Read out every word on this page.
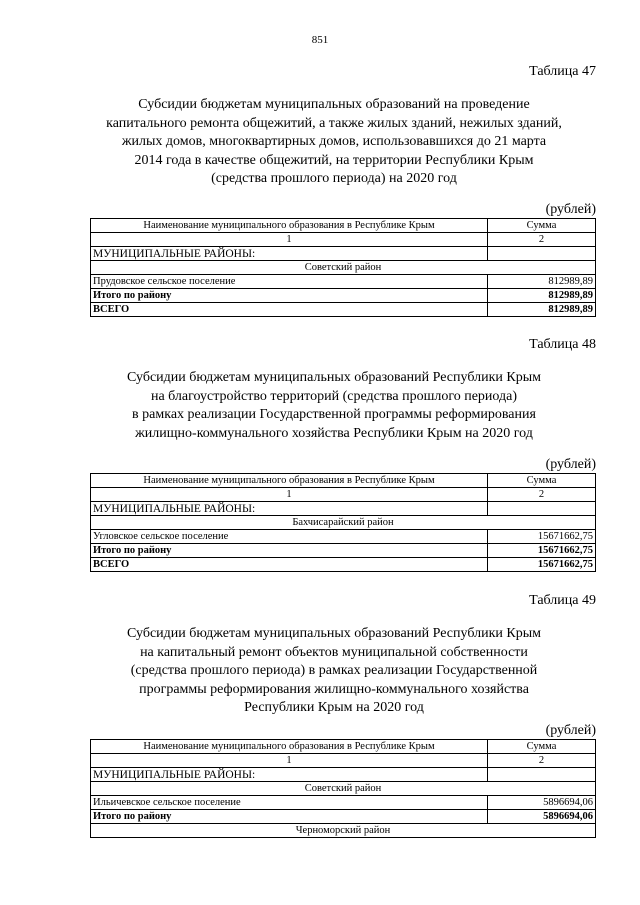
851
Таблица 47
Субсидии бюджетам муниципальных образований на проведение
капитального ремонта общежитий, а также жилых зданий, нежилых зданий,
жилых домов, многоквартирных домов, использовавшихся до 21 марта
2014 года в качестве общежитий, на территории Республики Крым
(средства прошлого периода) на 2020 год
(рублей)
Наименование муниципального образования в Республике Крым	Сумма
1	2
МУНИЦИПАЛЬНЫЕ РАЙОНЫ:	
Советский район	
Прудовское сельское поселение	812989,89
Итого по району	812989,89
ВСЕГО	812989,89
Таблица 48
Субсидии бюджетам муниципальных образований Республики Крым
на благоустройство территорий (средства прошлого периода)
в рамках реализации Государственной программы реформирования
жилищно-коммунального хозяйства Республики Крым на 2020 год
(рублей)
Наименование муниципального образования в Республике Крым	Сумма
1	2
МУНИЦИПАЛЬНЫЕ РАЙОНЫ:	
Бахчисарайский район	
Угловское сельское поселение	15671662,75
Итого по району	15671662,75
ВСЕГО	15671662,75
Таблица 49
Субсидии бюджетам муниципальных образований Республики Крым
на капитальный ремонт объектов муниципальной собственности
(средства прошлого периода) в рамках реализации Государственной
программы реформирования жилищно-коммунального хозяйства
Республики Крым на 2020 год
(рублей)
Наименование муниципального образования в Республике Крым	Сумма
1	2
МУНИЦИПАЛЬНЫЕ РАЙОНЫ:	
Советский район	
Ильичевское сельское поселение	5896694,06
Итого по району	5896694,06
Черноморский район	
